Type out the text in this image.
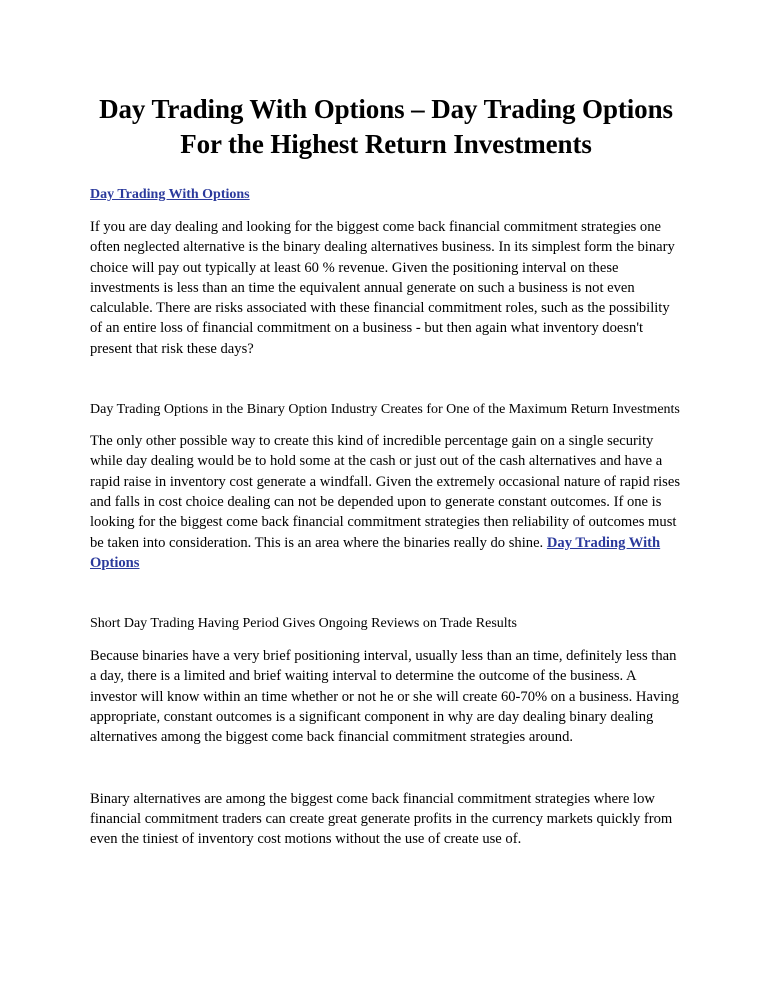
Day Trading With Options – Day Trading Options For the Highest Return Investments
Day Trading With Options

If you are day dealing and looking for the biggest come back financial commitment strategies one often neglected alternative is the binary dealing alternatives business. In its simplest form the binary choice will pay out typically at least 60 % revenue. Given the positioning interval on these investments is less than an time the equivalent annual generate on such a business is not even calculable. There are risks associated with these financial commitment roles, such as the possibility of an entire loss of financial commitment on a business - but then again what inventory doesn't present that risk these days?

Day Trading Options in the Binary Option Industry Creates for One of the Maximum Return Investments

The only other possible way to create this kind of incredible percentage gain on a single security while day dealing would be to hold some at the cash or just out of the cash alternatives and have a rapid raise in inventory cost generate a windfall. Given the extremely occasional nature of rapid rises and falls in cost choice dealing can not be depended upon to generate constant outcomes. If one is looking for the biggest come back financial commitment strategies then reliability of outcomes must be taken into consideration. This is an area where the binaries really do shine. Day Trading With Options

Short Day Trading Having Period Gives Ongoing Reviews on Trade Results

Because binaries have a very brief positioning interval, usually less than an time, definitely less than a day, there is a limited and brief waiting interval to determine the outcome of the business. A investor will know within an time whether or not he or she will create 60-70% on a business. Having appropriate, constant outcomes is a significant component in why are day dealing binary dealing alternatives among the biggest come back financial commitment strategies around.

Binary alternatives are among the biggest come back financial commitment strategies where low financial commitment traders can create great generate profits in the currency markets quickly from even the tiniest of inventory cost motions without the use of create use of.
